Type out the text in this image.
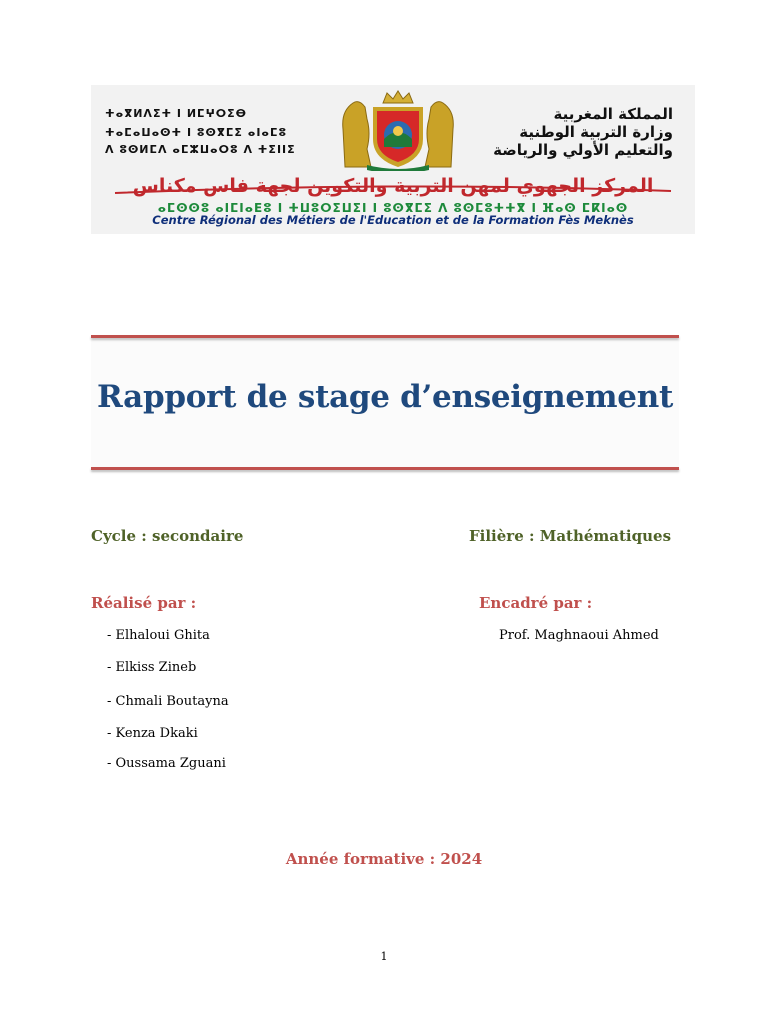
ⵜⴰⴳⵍⴷⵉⵜ ⵏ ⵍⵎⵖⵔⵉⴱ
ⵜⴰⵎⴰⵡⴰⵙⵜ ⵏ ⵓⵙⴳⵎⵉ ⴰⵏⴰⵎⵓ
ⴷ ⵓⵙⵍⵎⴷ ⴰⵎⵣⵡⴰⵔⵓ ⴷ ⵜⵉⵏⵏⵉ
المملكة المغربية
وزارة التربية الوطنية
والتعليم الأولي والرياضة
المركز الجهوي لمهن التربية والتكوين لجهة فاس مكناس
ⴰⵎⵙⵙⵓ ⴰⵏⵎⵏⴰⴹⵓ ⵏ ⵜⵡⵓⵔⵉⵡⵉⵏ ⵏ ⵓⵙⴳⵎⵉ ⴷ ⵓⵙⵎⵓⵜⵜⴳ ⵏ ⴼⴰⵙ ⵎⴽⵏⴰⵙ
Centre Régional des Métiers de l'Education et de la Formation Fès Meknès
Rapport de stage d’enseignement
Cycle : secondaire	Filière : Mathématiques
Réalisé par :	Encadré par :
- Elhaloui Ghita
- Elkiss Zineb
- Chmali Boutayna
- Kenza Dkaki
- Oussama Zguani
Prof. Maghnaoui Ahmed
Année formative : 2024
1
